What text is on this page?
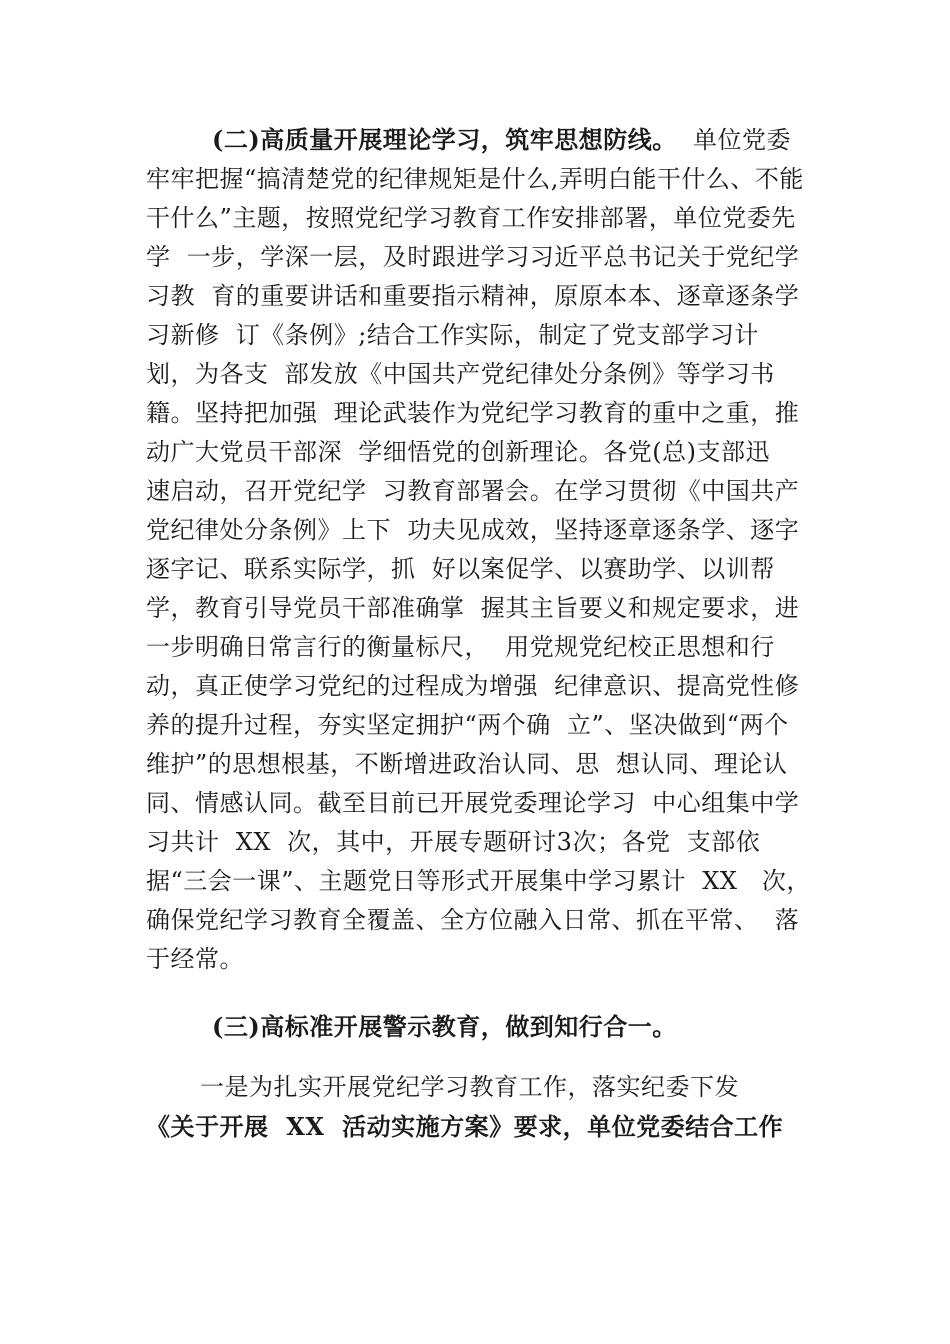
(二)高质量开展理论学习，筑牢思想防线。 单位党委
牢牢把握“搞清楚党的纪律规矩是什么,弄明白能干什么、不能
干什么”主题，按照党纪学习教育工作安排部署，单位党委先
学  一步，学深一层，及时跟进学习习近平总书记关于党纪学
习教  育的重要讲话和重要指示精神，原原本本、逐章逐条学
习新修  订《条例》;结合工作实际，制定了党支部学习计
划，为各支  部发放《中国共产党纪律处分条例》等学习书
籍。坚持把加强  理论武装作为党纪学习教育的重中之重，推
动广大党员干部深  学细悟党的创新理论。各党(总)支部迅
速启动，召开党纪学  习教育部署会。在学习贯彻《中国共产
党纪律处分条例》上下  功夫见成效，坚持逐章逐条学、逐字
逐字记、联系实际学，抓  好以案促学、以赛助学、以训帮
学，教育引导党员干部准确掌  握其主旨要义和规定要求，进
一步明确日常言行的衡量标尺，  用党规党纪校正思想和行
动，真正使学习党纪的过程成为增强  纪律意识、提高党性修
养的提升过程，夯实坚定拥护“两个确  立”、坚决做到“两个
维护”的思想根基，不断增进政治认同、思  想认同、理论认
同、情感认同。截至目前已开展党委理论学习  中心组集中学
习共计  XX  次，其中，开展专题研讨3次；各党  支部依
据“三会一课”、主题党日等形式开展集中学习累计  XX   次，
确保党纪学习教育全覆盖、全方位融入日常、抓在平常、  落
于经常。
(三)高标准开展警示教育，做到知行合一。
一是为扎实开展党纪学习教育工作，落实纪委下发
《关于开展  XX  活动实施方案》要求，单位党委结合工作
